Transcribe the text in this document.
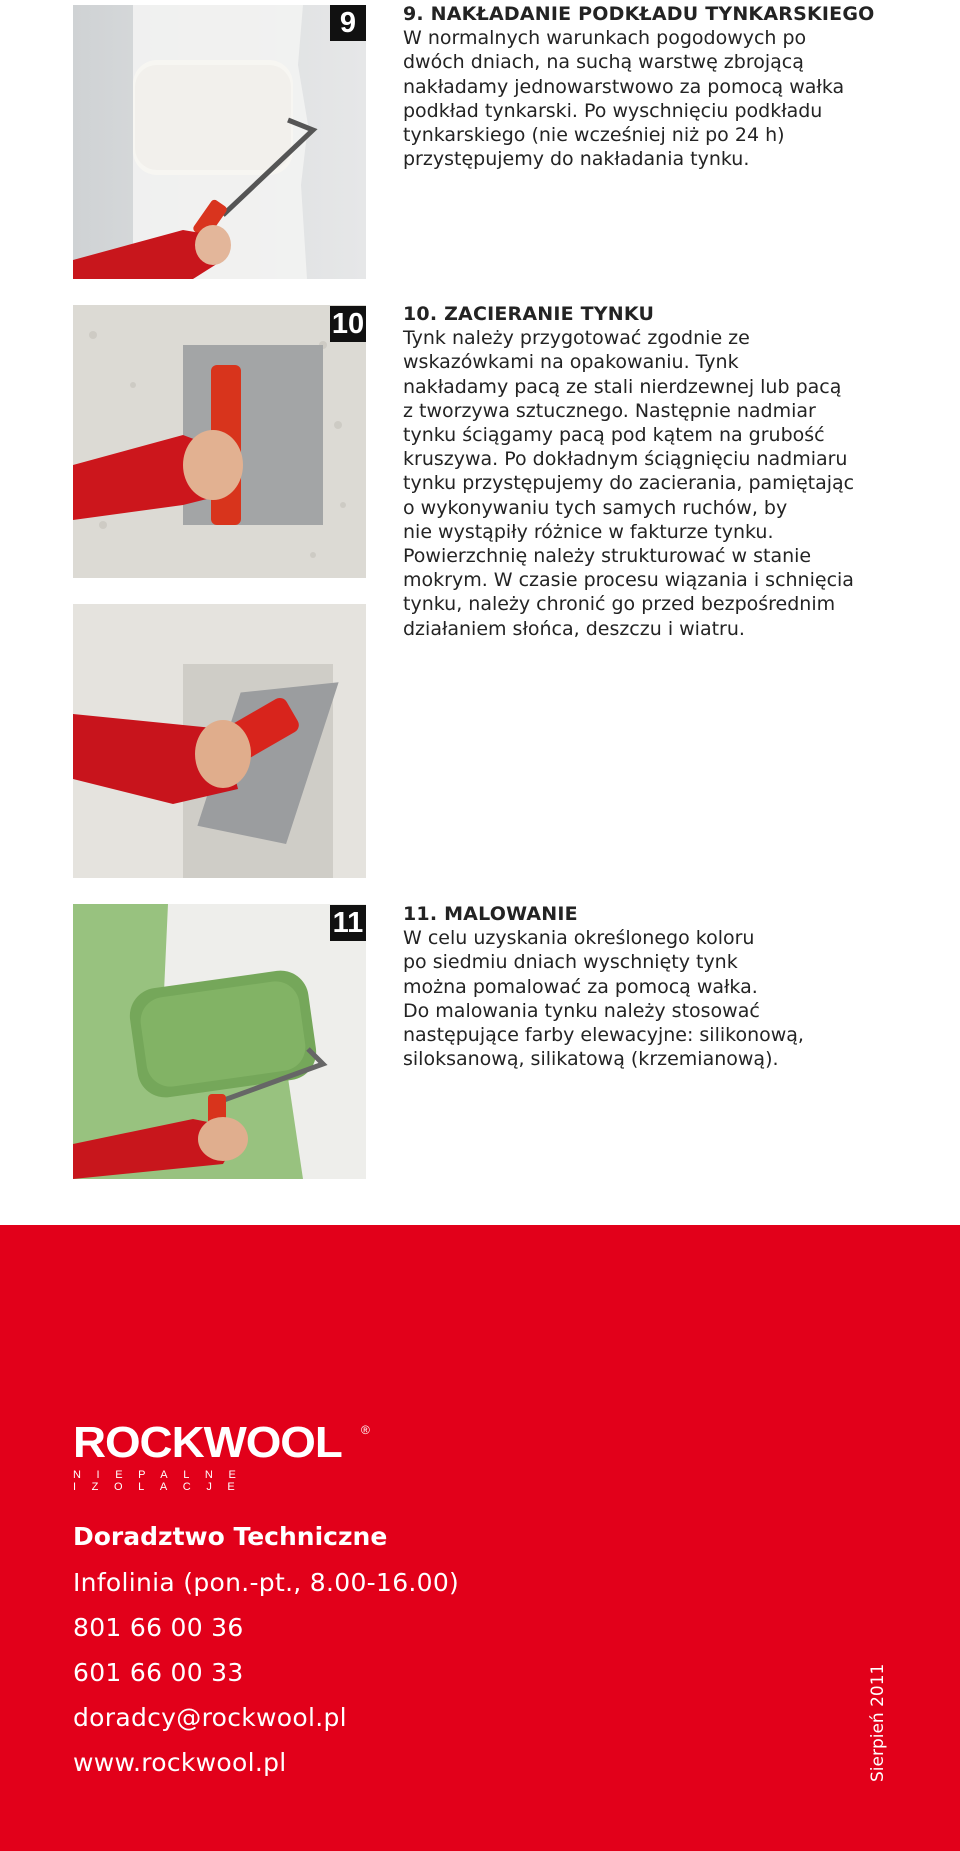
9	9. NAKŁADANIE PODKŁADU TYNKARSKIEGO
W normalnych warunkach pogodowych po
dwóch dniach, na suchą warstwę zbrojącą
nakładamy jednowarstwowo za pomocą wałka
podkład tynkarski. Po wyschnięciu podkładu
tynkarskiego (nie wcześniej niż po 24 h)
przystępujemy do nakładania tynku.
10 10. ZACIERANIE TYNKU
Tynk należy przygotować zgodnie ze
wskazówkami na opakowaniu. Tynk
nakładamy pacą ze stali nierdzewnej lub pacą
z tworzywa sztucznego. Następnie nadmiar
tynku ściągamy pacą pod kątem na grubość
kruszywa. Po dokładnym ściągnięciu nadmiaru
tynku przystępujemy do zacierania, pamiętając
o wykonywaniu tych samych ruchów, by
nie wystąpiły różnice w fakturze tynku.
Powierzchnię należy strukturować w stanie
mokrym. W czasie procesu wiązania i schnięcia
tynku, należy chronić go przed bezpośrednim
działaniem słońca, deszczu i wiatru.
11 11. MALOWANIE
W celu uzyskania określonego koloru
po siedmiu dniach wyschnięty tynk
można pomalować za pomocą wałka.
Do malowania tynku należy stosować
następujące farby elewacyjne: silikonową,
siloksanową, silikatową (krzemianową).
ROCKWOOL ®
NIEPALNE IZOLACJE
Doradztwo Techniczne
Infolinia (pon.-pt., 8.00-16.00)
801 66 00 36
601 66 00 33
doradcy@rockwool.pl
www.rockwool.pl	Sierpień 2011
